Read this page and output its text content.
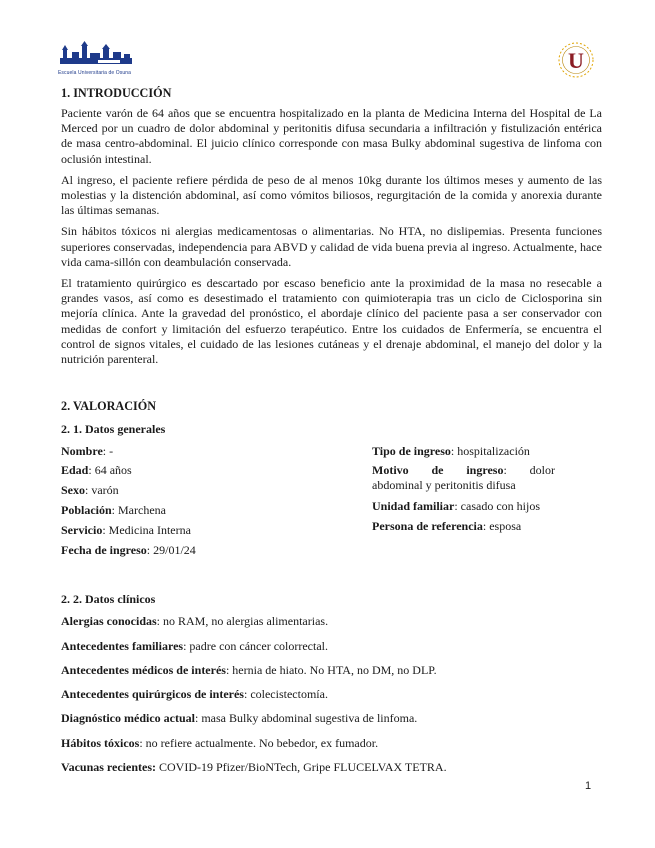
Escuela Universitaria de Osuna	U
1. INTRODUCCIÓN

Paciente varón de 64 años que se encuentra hospitalizado en la planta de Medicina Interna del Hospital de La Merced por un cuadro de dolor abdominal y peritonitis difusa secundaria a infiltración y fistulización entérica de masa centro-abdominal. El juicio clínico corresponde con masa Bulky abdominal sugestiva de linfoma con oclusión intestinal.

Al ingreso, el paciente refiere pérdida de peso de al menos 10kg durante los últimos meses y aumento de las molestias y la distención abdominal, así como vómitos biliosos, regurgitación de la comida y anorexia durante las últimas semanas.

Sin hábitos tóxicos ni alergias medicamentosas o alimentarias. No HTA, no dislipemias. Presenta funciones superiores conservadas, independencia para ABVD y calidad de vida buena previa al ingreso. Actualmente, hace vida cama-sillón con deambulación conservada.

El tratamiento quirúrgico es descartado por escaso beneficio ante la proximidad de la masa no resecable a grandes vasos, así como es desestimado el tratamiento con quimioterapia tras un ciclo de Ciclosporina sin mejoría clínica. Ante la gravedad del pronóstico, el abordaje clínico del paciente pasa a ser conservador con medidas de confort y limitación del esfuerzo terapéutico. Entre los cuidados de Enfermería, se encuentra el control de signos vitales, el cuidado de las lesiones cutáneas y el drenaje abdominal, el manejo del dolor y la nutrición parenteral.

2. VALORACIÓN
2. 1. Datos generales
Nombre: -
Edad: 64 años
Sexo: varón
Población: Marchena
Servicio: Medicina Interna
Fecha de ingreso: 29/01/24
Tipo de ingreso: hospitalización
Motivo de ingreso: dolor
abdominal y peritonitis difusa
Unidad familiar: casado con hijos
Persona de referencia: esposa
2. 2. Datos clínicos
Alergias conocidas: no RAM, no alergias alimentarias.
Antecedentes familiares: padre con cáncer colorrectal.
Antecedentes médicos de interés: hernia de hiato. No HTA, no DM, no DLP.
Antecedentes quirúrgicos de interés: colecistectomía.
Diagnóstico médico actual: masa Bulky abdominal sugestiva de linfoma.
Hábitos tóxicos: no refiere actualmente. No bebedor, ex fumador.
Vacunas recientes: COVID-19 Pfizer/BioNTech, Gripe FLUCELVAX TETRA.
1
